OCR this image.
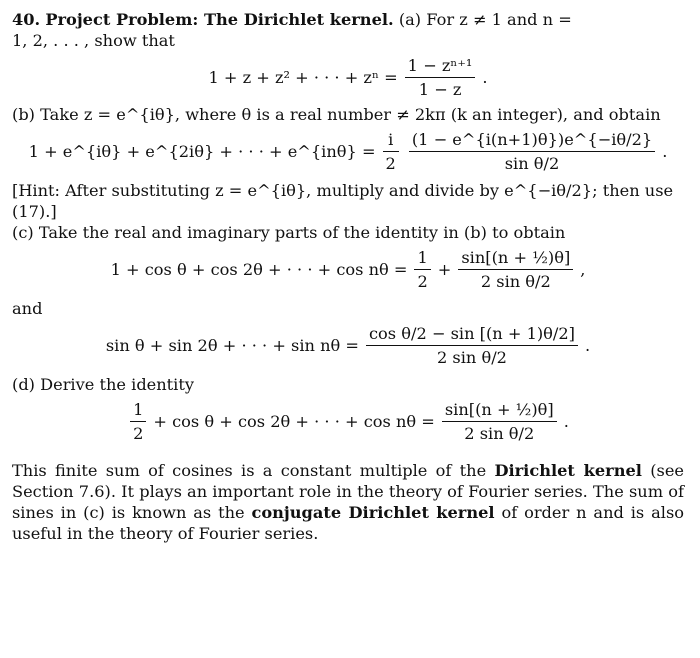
40. Project Problem: The Dirichlet kernel. (a) For z ≠ 1 and n =
1, 2, . . . , show that

1 + z + z² + · · · + $z^n = \frac{\text{1 − zⁿ⁺¹}}{1 - z}$ .

(b) Take z = e^{iθ}, where θ is a real number ≠ 2kπ (k an integer), and obtain

1 + e^{iθ} + e^{2iθ} + · · · + e^{inθ} = $\frac{i}{2} \frac{(1 - e\^{}\{i(n+1)\theta\})e\^{}\{-i\theta/2\}}{\text{sin θ/2}}$ .

[Hint: After substituting z = e^{iθ}, multiply and divide by e^{−iθ/2}; then use (17).]

(c) Take the real and imaginary parts of the identity in (b) to obtain

1 + cos θ + cos 2θ + · · · + $\cos n\theta = \frac{1}{2} + \frac{\text{sin[(n + ½)θ]}}{\text{2 sin θ/2}}$ ,

and

sin θ + sin 2θ + · · · + $\sin n\theta = \frac{\text{cos θ/2 − sin [(n + 1)θ/2]}}{\text{2 sin θ/2}}$ .

(d) Derive the identity

$\frac{1}{2} + \cos \theta + \cos 2\theta$ + · · · + $\cos n\theta = \frac{\text{sin[(n + ½)θ]}}{\text{2 sin θ/2}}$ .

This finite sum of cosines is a constant multiple of the Dirichlet kernel (see Section 7.6). It plays an important role in the theory of Fourier series. The sum of sines in (c) is known as the conjugate Dirichlet kernel of order n and is also useful in the theory of Fourier series.
